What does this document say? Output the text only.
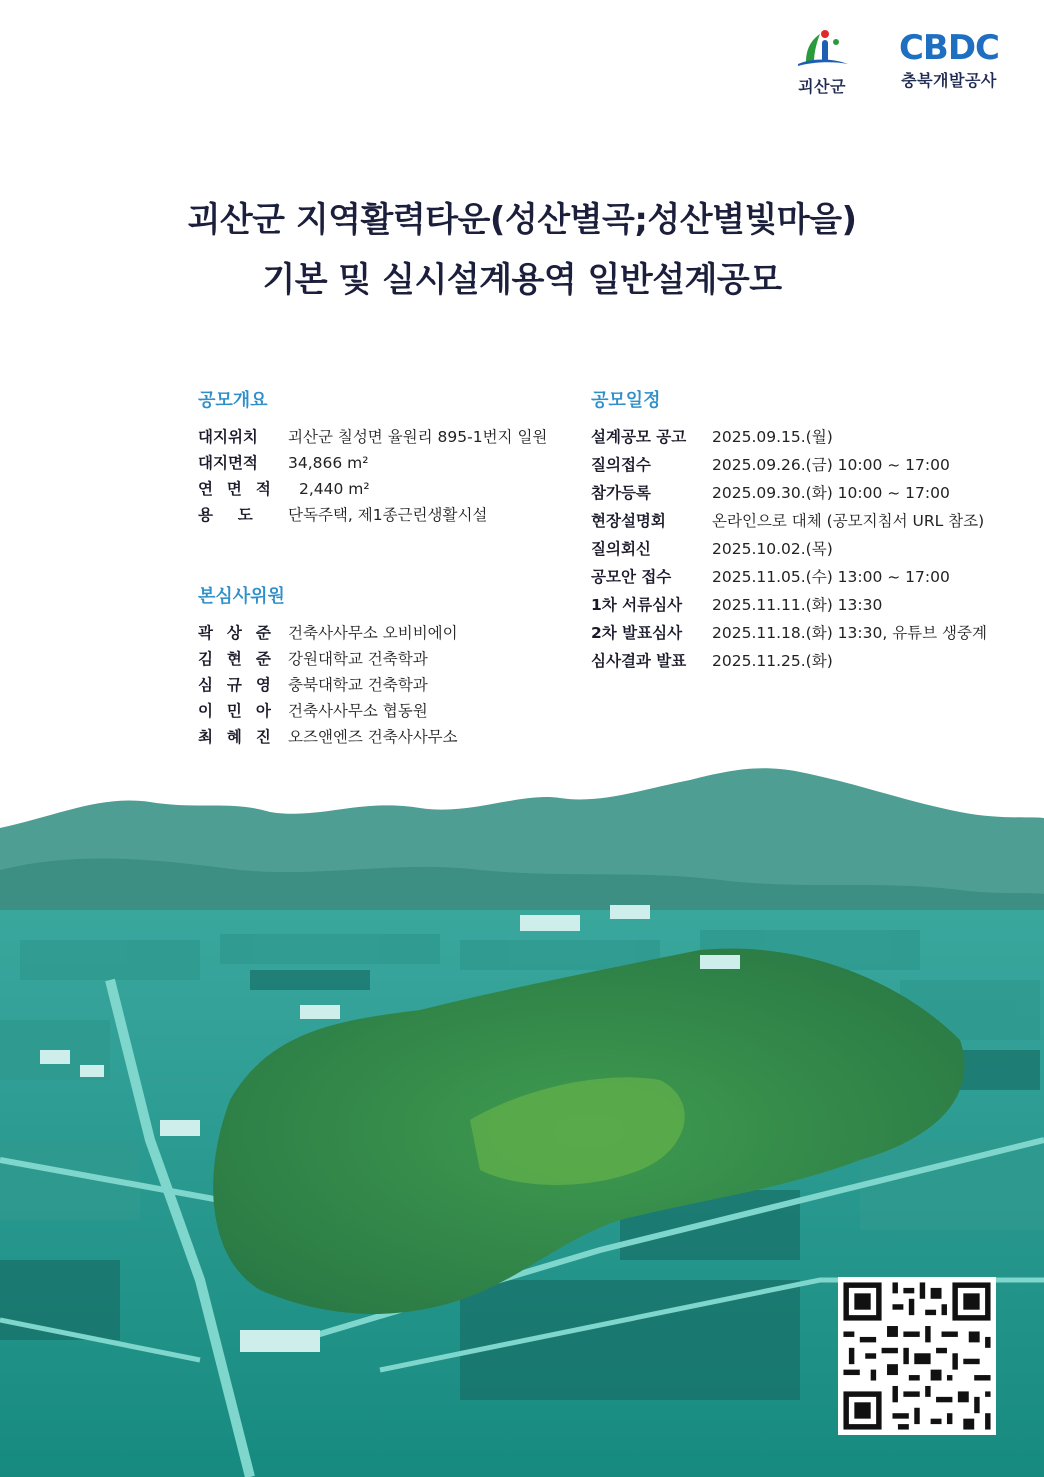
괴산군
CBDC
충북개발공사
괴산군 지역활력타운(성산별곡;성산별빛마을)
기본 및 실시설계용역 일반설계공모
공모개요
대지위치 괴산군 칠성면 율원리 895-1번지 일원
대지면적 34,866 m²
연면적 2,440 m²
용도 단독주택, 제1종근린생활시설
본심사위원
곽상준 건축사사무소 오비비에이
김현준 강원대학교 건축학과
심규영 충북대학교 건축학과
이민아 건축사사무소 협동원
최혜진 오즈앤엔즈 건축사사무소
공모일정
설계공모 공고 2025.09.15.(월)
질의접수	2025.09.26.(금) 10:00 ~ 17:00
참가등록	2025.09.30.(화) 10:00 ~ 17:00
현장설명회	온라인으로 대체 (공모지침서 URL 참조)
질의회신	2025.10.02.(목)
공모안 접수	2025.11.05.(수) 13:00 ~ 17:00
1차 서류심사 2025.11.11.(화) 13:30
2차 발표심사 2025.11.18.(화) 13:30, 유튜브 생중계
심사결과 발표 2025.11.25.(화)
